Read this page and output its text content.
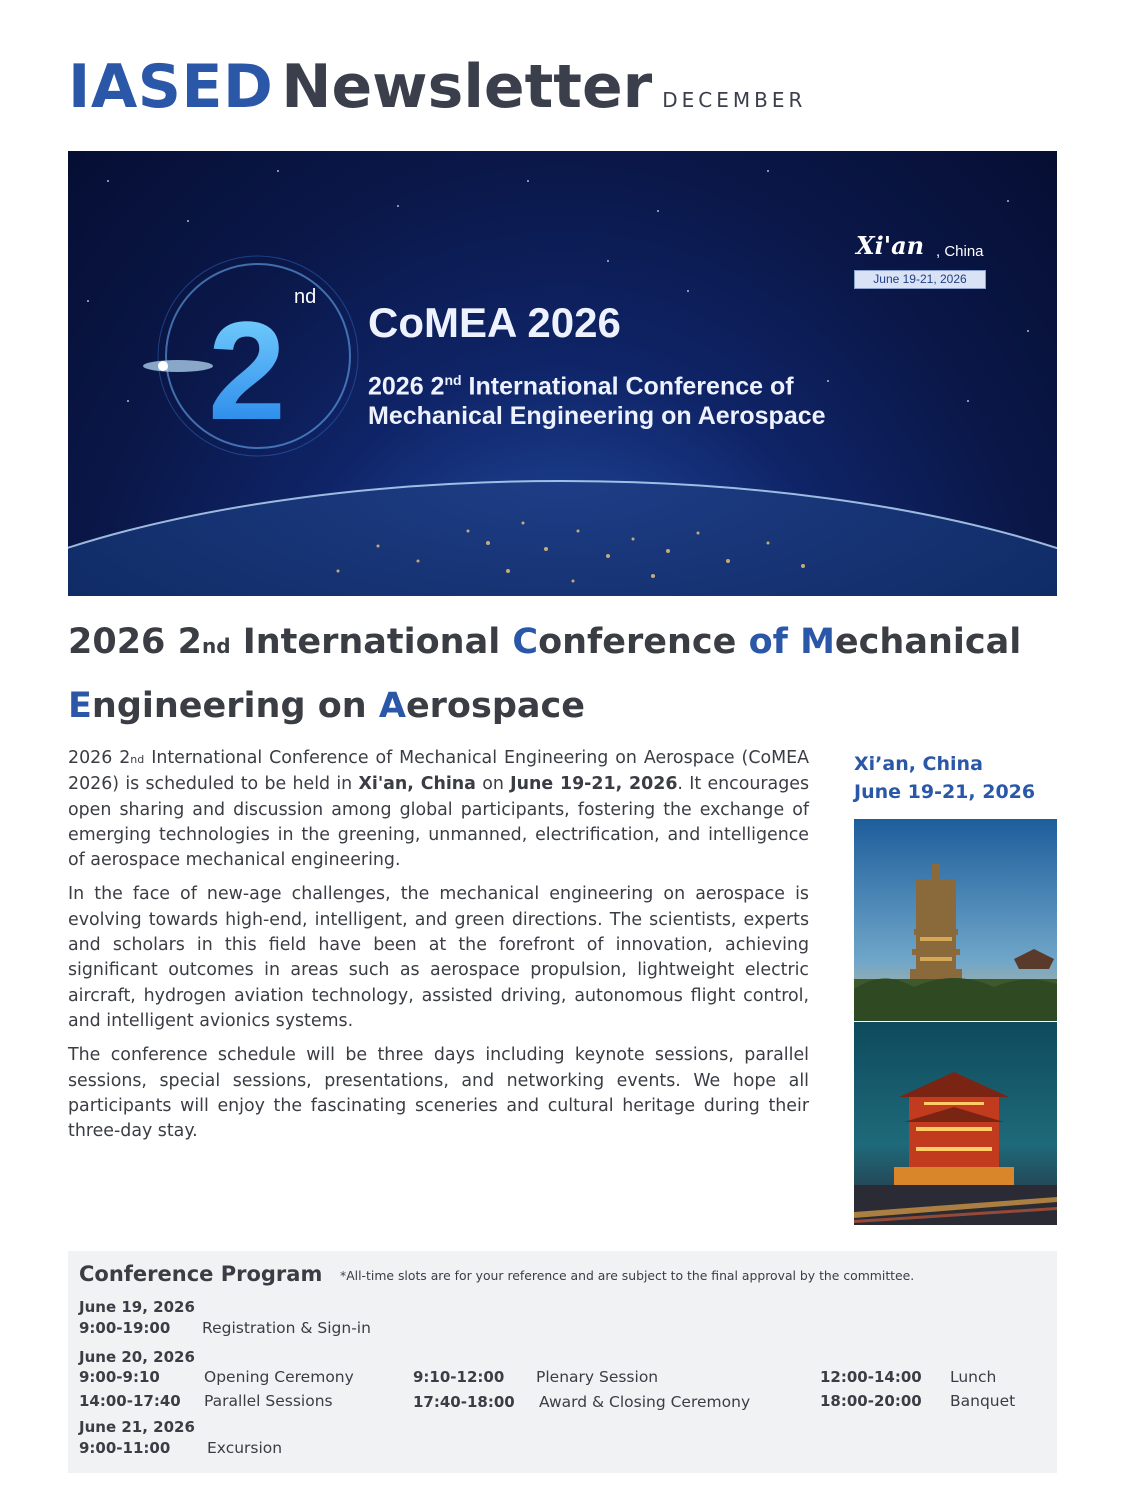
IASED Newsletter DECEMBER
2 nd
CoMEA 2026
2026 2nd International Conference of
Mechanical Engineering on Aerospace
Xi'an , China
June 19-21, 2026
2026 2nd International Conference of Mechanical
Engineering on Aerospace

2026 2nd International Conference of Mechanical Engineering on Aerospace (CoMEA 2026) is scheduled to be held in Xi'an, China on June 19-21, 2026. It encourages open sharing and discussion among global participants, fostering the exchange of emerging technologies in the greening, unmanned, electrification, and intelligence of aerospace mechanical engineering.

In the face of new-age challenges, the mechanical engineering on aerospace is evolving towards high-end, intelligent, and green directions. The scientists, experts and scholars in this field have been at the forefront of innovation, achieving significant outcomes in areas such as aerospace propulsion, lightweight electric aircraft, hydrogen aviation technology, assisted driving, autonomous flight control, and intelligent avionics systems.

The conference schedule will be three days including keynote sessions, parallel sessions, special sessions, presentations, and networking events. We hope all participants will enjoy the fascinating sceneries and cultural heritage during their three-day stay.

Xi’an, China
June 19-21, 2026
Conference Program *All-time slots are for your reference and are subject to the final approval by the committee.
June 19, 2026
9:00-19:00 Registration & Sign-in
June 20, 2026
9:00-9:10	Opening Ceremony	9:10-12:00 Plenary Session	12:00-14:00 Lunch
14:00-17:40 Parallel Sessions	17:40-18:00 Award & Closing Ceremony	18:00-20:00 Banquet
June 21, 2026
9:00-11:00 Excursion
